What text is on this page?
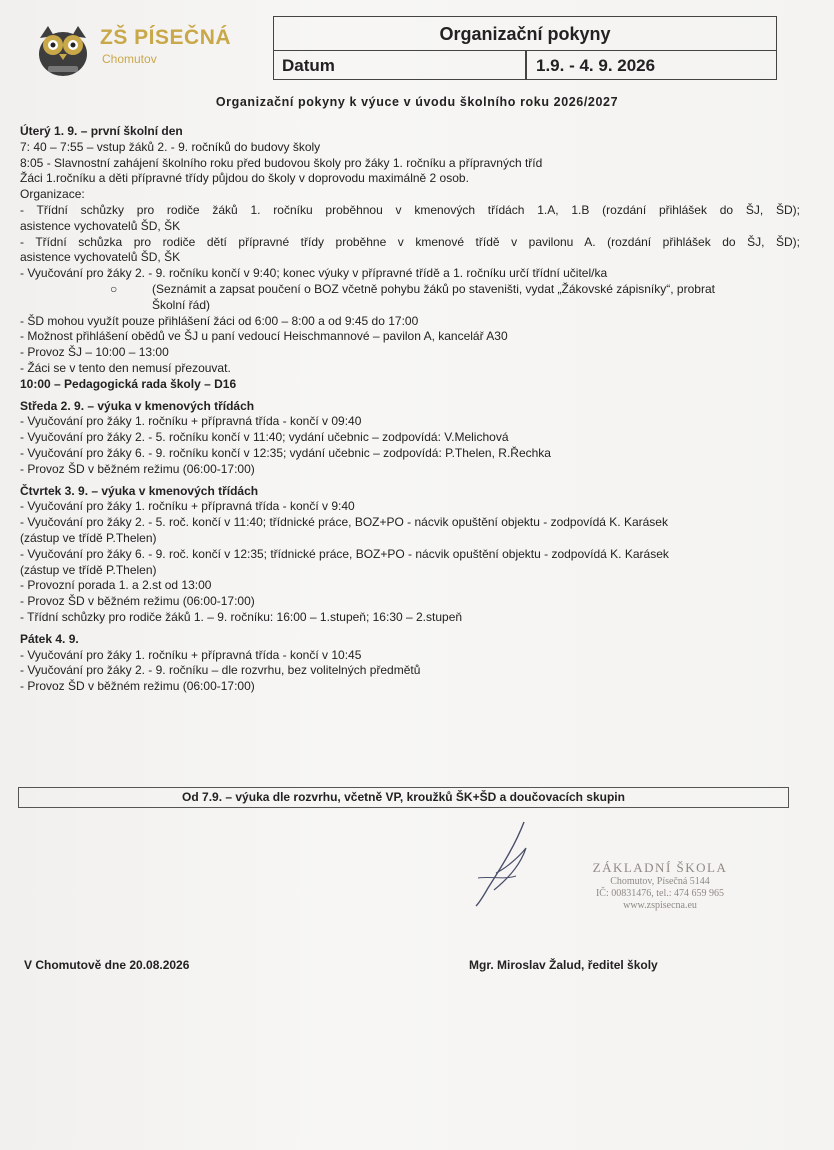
ZŠ PÍSEČNÁ
Chomutov
Organizační pokyny
Datum	1.9. - 4. 9. 2026
Organizační pokyny k výuce v úvodu školního roku 2026/2027
Úterý 1. 9. – první školní den
7: 40 – 7:55 – vstup žáků 2. - 9. ročníků do budovy školy
8:05 - Slavnostní zahájení školního roku před budovou školy pro žáky 1. ročníku a přípravných tříd
Žáci 1.ročníku a děti přípravné třídy půjdou do školy v doprovodu maximálně 2 osob.
Organizace:
- Třídní schůzky pro rodiče žáků 1. ročníku proběhnou v kmenových třídách 1.A, 1.B (rozdání přihlášek do ŠJ, ŠD);
asistence vychovatelů ŠD, ŠK
- Třídní schůzka pro rodiče dětí přípravné třídy proběhne v kmenové třídě v pavilonu A. (rozdání přihlášek do ŠJ, ŠD);
asistence vychovatelů ŠD, ŠK
- Vyučování pro žáky 2. - 9. ročníku končí v 9:40; konec výuky v přípravné třídě a 1. ročníku určí třídní učitel/ka
○	(Seznámit a zapsat poučení o BOZ včetně pohybu žáků po staveništi, vydat „Žákovské zápisníky“, probrat
Školní řád)
- ŠD mohou využít pouze přihlášení žáci od 6:00 – 8:00 a od 9:45 do 17:00
- Možnost přihlášení obědů ve ŠJ u paní vedoucí Heischmannové – pavilon A, kancelář A30
- Provoz ŠJ – 10:00 – 13:00
- Žáci se v tento den nemusí přezouvat.
10:00 – Pedagogická rada školy – D16
Středa 2. 9. – výuka v kmenových třídách
- Vyučování pro žáky 1. ročníku + přípravná třída - končí v 09:40
- Vyučování pro žáky 2. - 5. ročníku končí v 11:40; vydání učebnic – zodpovídá: V.Melichová
- Vyučování pro žáky 6. - 9. ročníku končí v 12:35; vydání učebnic – zodpovídá: P.Thelen, R.Řechka
- Provoz ŠD v běžném režimu (06:00-17:00)
Čtvrtek 3. 9. – výuka v kmenových třídách
- Vyučování pro žáky 1. ročníku + přípravná třída - končí v 9:40
- Vyučování pro žáky 2. - 5. roč. končí v 11:40; třídnické práce, BOZ+PO - nácvik opuštění objektu - zodpovídá K. Karásek
(zástup ve třídě P.Thelen)
- Vyučování pro žáky 6. - 9. roč. končí v 12:35; třídnické práce, BOZ+PO - nácvik opuštění objektu - zodpovídá K. Karásek
(zástup ve třídě P.Thelen)
- Provozní porada 1. a 2.st od 13:00
- Provoz ŠD v běžném režimu (06:00-17:00)
- Třídní schůzky pro rodiče žáků 1. – 9. ročníku: 16:00 – 1.stupeň; 16:30 – 2.stupeň
Pátek 4. 9.
- Vyučování pro žáky 1. ročníku + přípravná třída - končí v 10:45
- Vyučování pro žáky 2. - 9. ročníku – dle rozvrhu, bez volitelných předmětů
- Provoz ŠD v běžném režimu (06:00-17:00)
Od 7.9. – výuka dle rozvrhu, včetně VP, kroužků ŠK+ŠD a doučovacích skupin
ZÁKLADNÍ ŠKOLA
Chomutov, Písečná 5144
IČ: 00831476, tel.: 474 659 965
www.zspisecna.eu
V Chomutově dne 20.08.2026	Mgr. Miroslav Žalud, ředitel školy
